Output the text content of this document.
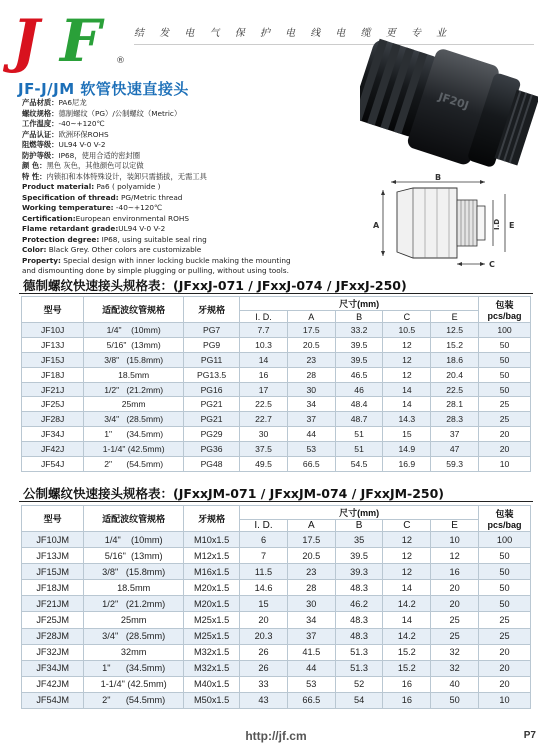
J F ®
结 发 电 气 保 护 电 线 电 缆 更 专 业
JF-J/JM 软管快速直接头
产品材质：PA6尼龙
螺纹规格：德制螺纹（PG）/公制螺纹（Metric）
工作温度：-40~+120℃
产品认证：欧洲环保ROHS
阻燃等级：UL94 V-0 V-2
防护等级：IP68，使用合适的密封圈
颜 色：黑色 灰色，其他颜色可以定做
特 性：内锁扣和本体特殊设计，装卸只需插拔，无需工具
Product material: Pa6 ( polyamide )
Specification of thread: PG/Metric thread
Working temperature: -40~+120℃
Certification:European environmental ROHS
Flame retardant grade:UL94 V-0 V-2
Protection degree: IP68, using suitable seal ring
Color: Black Grey. Other colors are customizable
Property: Special design with inner locking buckle making the mounting
and dismounting done by simple plugging or pulling, without using tools.
JF20J
B
A	I.D E
C
德制螺纹快速接头规格表：(JFxxJ-071 / JFxxJ-074 / JFxxJ-250)
型号	适配波纹管规格	牙规格	尺寸(mm)					包装
pcs/bag
			I. D.	A	B	C	E	
JF10J	1/4"    (10mm)	PG7	7.7	17.5	33.2	10.5	12.5	100
JF13J	5/16"  (13mm)	PG9	10.3	20.5	39.5	12	15.2	50
JF15J	3/8"   (15.8mm)	PG11	14	23	39.5	12	18.6	50
JF18J	18.5mm	PG13.5	16	28	46.5	12	20.4	50
JF21J	1/2"   (21.2mm)	PG16	17	30	46	14	22.5	50
JF25J	25mm	PG21	22.5	34	48.4	14	28.1	25
JF28J	3/4"   (28.5mm)	PG21	22.7	37	48.7	14.3	28.3	25
JF34J	1"      (34.5mm)	PG29	30	44	51	15	37	20
JF42J	1-1/4" (42.5mm)	PG36	37.5	53	51	14.9	47	20
JF54J	2"      (54.5mm)	PG48	49.5	66.5	54.5	16.9	59.3	10
公制螺纹快速接头规格表：(JFxxJM-071 / JFxxJM-074 / JFxxJM-250)
型号	适配波纹管规格	牙规格	尺寸(mm)					包装
pcs/bag
			I. D.	A	B	C	E	
JF10JM	1/4"    (10mm)	M10x1.5	6	17.5	35	12	10	100
JF13JM	5/16"  (13mm)	M12x1.5	7	20.5	39.5	12	12	50
JF15JM	3/8"   (15.8mm)	M16x1.5	11.5	23	39.3	12	16	50
JF18JM	18.5mm	M20x1.5	14.6	28	48.3	14	20	50
JF21JM	1/2"   (21.2mm)	M20x1.5	15	30	46.2	14.2	20	50
JF25JM	25mm	M25x1.5	20	34	48.3	14	25	25
JF28JM	3/4"   (28.5mm)	M25x1.5	20.3	37	48.3	14.2	25	25
JF32JM	32mm	M32x1.5	26	41.5	51.3	15.2	32	20
JF34JM	1"      (34.5mm)	M32x1.5	26	44	51.3	15.2	32	20
JF42JM	1-1/4" (42.5mm)	M40x1.5	33	53	52	16	40	20
JF54JM	2"      (54.5mm)	M50x1.5	43	66.5	54	16	50	10
http://jf.cm	P7
